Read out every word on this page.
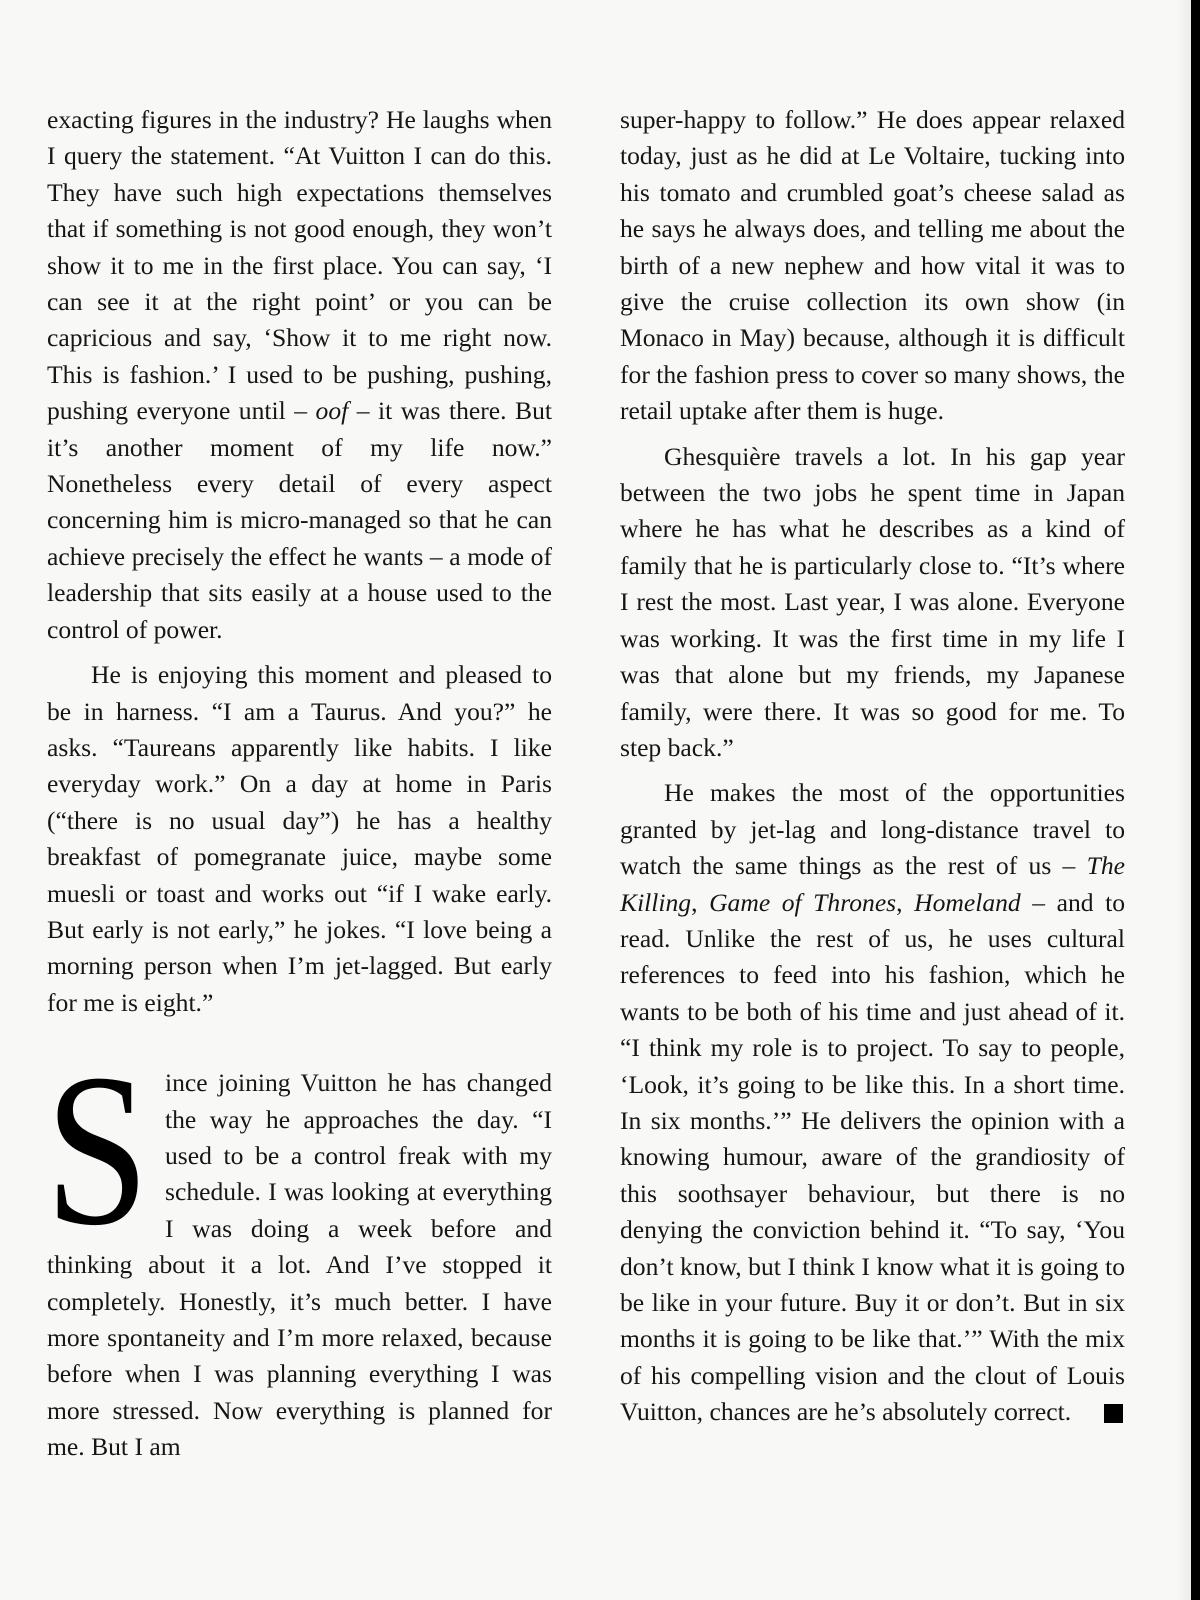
exacting figures in the industry? He laughs when I query the statement. “At Vuitton I can do this. They have such high expectations themselves that if something is not good enough, they won’t show it to me in the first place. You can say, ‘I can see it at the right point’ or you can be capricious and say, ‘Show it to me right now. This is fashion.’ I used to be pushing, pushing, pushing everyone until – oof – it was there. But it’s another moment of my life now.” Nonetheless every detail of every aspect concerning him is micro-managed so that he can achieve precisely the effect he wants – a mode of leadership that sits easily at a house used to the control of power.

He is enjoying this moment and pleased to be in harness. “I am a Taurus. And you?” he asks. “Taureans apparently like habits. I like everyday work.” On a day at home in Paris (“there is no usual day”) he has a healthy breakfast of pomegranate juice, maybe some muesli or toast and works out “if I wake early. But early is not early,” he jokes. “I love being a morning person when I’m jet-lagged. But early for me is eight.”

Since joining Vuitton he has changed the way he approaches the day. “I used to be a control freak with my schedule. I was looking at everything I was doing a week before and thinking about it a lot. And I’ve stopped it completely. Honestly, it’s much better. I have more spontaneity and I’m more relaxed, because before when I was planning everything I was more stressed. Now everything is planned for me. But I am

super-happy to follow.” He does appear relaxed today, just as he did at Le Voltaire, tucking into his tomato and crumbled goat’s cheese salad as he says he always does, and telling me about the birth of a new nephew and how vital it was to give the cruise collection its own show (in Monaco in May) because, although it is difficult for the fashion press to cover so many shows, the retail uptake after them is huge.

Ghesquière travels a lot. In his gap year between the two jobs he spent time in Japan where he has what he describes as a kind of family that he is particularly close to. “It’s where I rest the most. Last year, I was alone. Everyone was working. It was the first time in my life I was that alone but my friends, my Japanese family, were there. It was so good for me. To step back.”

He makes the most of the opportunities granted by jet-lag and long-distance travel to watch the same things as the rest of us – The Killing, Game of Thrones, Homeland – and to read. Unlike the rest of us, he uses cultural references to feed into his fashion, which he wants to be both of his time and just ahead of it. “I think my role is to project. To say to people, ‘Look, it’s going to be like this. In a short time. In six months.’” He delivers the opinion with a knowing humour, aware of the grandiosity of this soothsayer behaviour, but there is no denying the conviction behind it. “To say, ‘You don’t know, but I think I know what it is going to be like in your future. Buy it or don’t. But in six months it is going to be like that.’” With the mix of his compelling vision and the clout of Louis Vuitton, chances are he’s absolutely correct.
